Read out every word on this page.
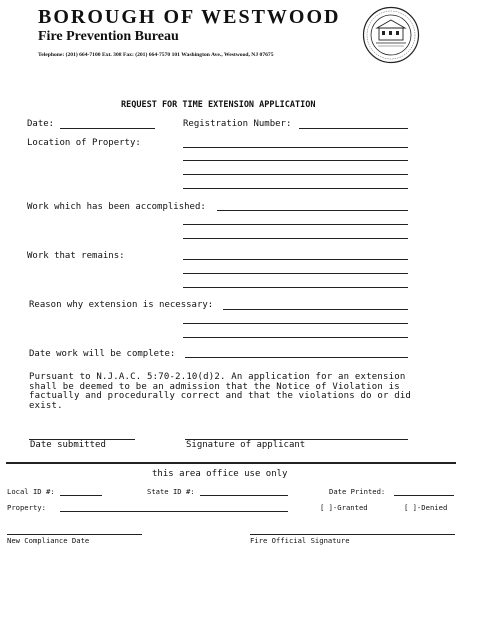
BOROUGH OF WESTWOOD
Fire Prevention Bureau
Telephone: (201) 664-7100 Ext. 308 Fax: (201) 664-7570 101 Washington Ave., Westwood, NJ 07675
REQUEST FOR TIME EXTENSION APPLICATION
Date:	Registration Number:
Location of Property:
Work which has been accomplished:
Work that remains:
Reason why extension is necessary:
Date work will be complete:
Pursuant to N.J.A.C. 5:70-2.10(d)2. An application for an extension shall be deemed to be an admission that the Notice of Violation is factually and procedurally correct and that the violations do or did exist.
Date submitted	Signature of applicant
this area office use only
Local ID #:	State ID #:	Date Printed:
Property:	[ ]-Granted	[ ]-Denied
New Compliance Date	Fire Official Signature
